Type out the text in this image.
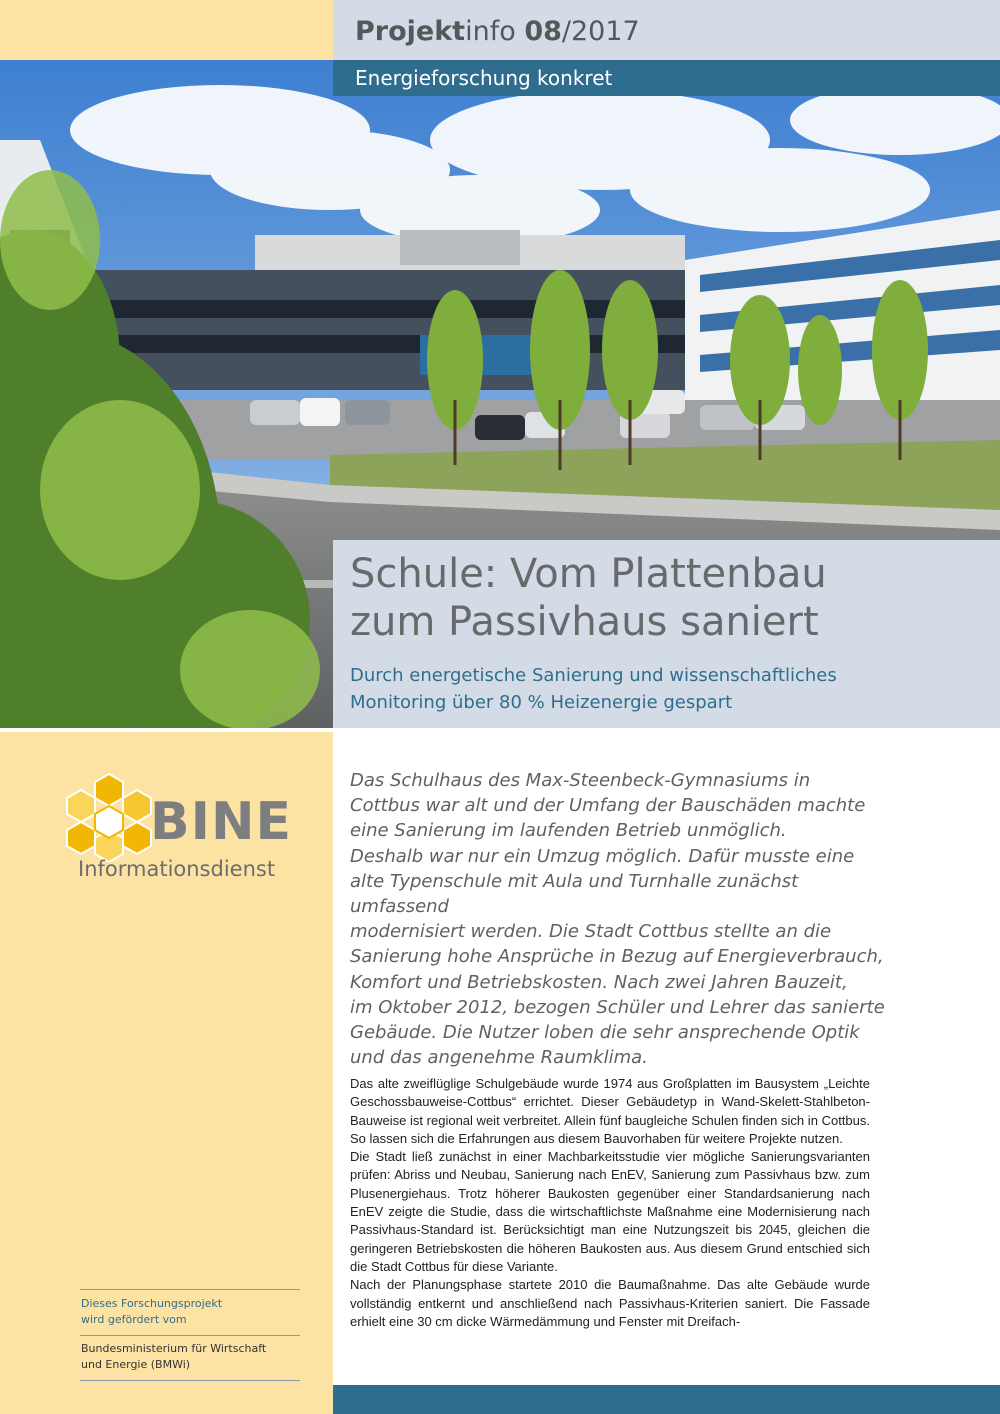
Projektinfo 08/2017
Energieforschung konkret
Schule: Vom Plattenbau
zum Passivhaus saniert
Durch energetische Sanierung und wissenschaftliches
Monitoring über 80 % Heizenergie gespart
BINE
Informationsdienst
Das Schulhaus des Max-Steenbeck-Gymnasiums in
Cottbus war alt und der Umfang der Bauschäden machte
eine Sanierung im laufenden Betrieb unmöglich.
Deshalb war nur ein Umzug möglich. Dafür musste eine
alte Typenschule mit Aula und Turnhalle zunächst umfassend
modernisiert werden. Die Stadt Cottbus stellte an die
Sanierung hohe Ansprüche in Bezug auf Energieverbrauch,
Komfort und Betriebskosten. Nach zwei Jahren Bauzeit,
im Oktober 2012, bezogen Schüler und Lehrer das sanierte
Gebäude. Die Nutzer loben die sehr ansprechende Optik
und das angenehme Raumklima.

Das alte zweiflüglige Schulgebäude wurde 1974 aus Großplatten im Bausystem „Leichte Geschossbauweise-Cottbus“ errichtet. Dieser Gebäudetyp in Wand-Skelett-Stahlbeton-Bauweise ist regional weit verbreitet. Allein fünf baugleiche Schulen finden sich in Cottbus. So lassen sich die Erfahrungen aus diesem Bauvorhaben für weitere Projekte nutzen.

Die Stadt ließ zunächst in einer Machbarkeitsstudie vier mögliche Sanierungsvarianten prüfen: Abriss und Neubau, Sanierung nach EnEV, Sanierung zum Passivhaus bzw. zum Plusenergiehaus. Trotz höherer Baukosten gegenüber einer Standardsanierung nach EnEV zeigte die Studie, dass die wirtschaftlichste Maßnahme eine Modernisierung nach Passivhaus-Standard ist. Berücksichtigt man eine Nutzungszeit bis 2045, gleichen die geringeren Betriebskosten die höheren Baukosten aus. Aus diesem Grund entschied sich die Stadt Cottbus für diese Variante.

Nach der Planungsphase startete 2010 die Baumaßnahme. Das alte Gebäude wurde vollständig entkernt und anschließend nach Passivhaus-Kriterien saniert. Die Fassade erhielt eine 30 cm dicke Wärmedämmung und Fenster mit Dreifach-

Dieses Forschungsprojekt
wird gefördert vom
Bundesministerium für Wirtschaft
und Energie (BMWi)
